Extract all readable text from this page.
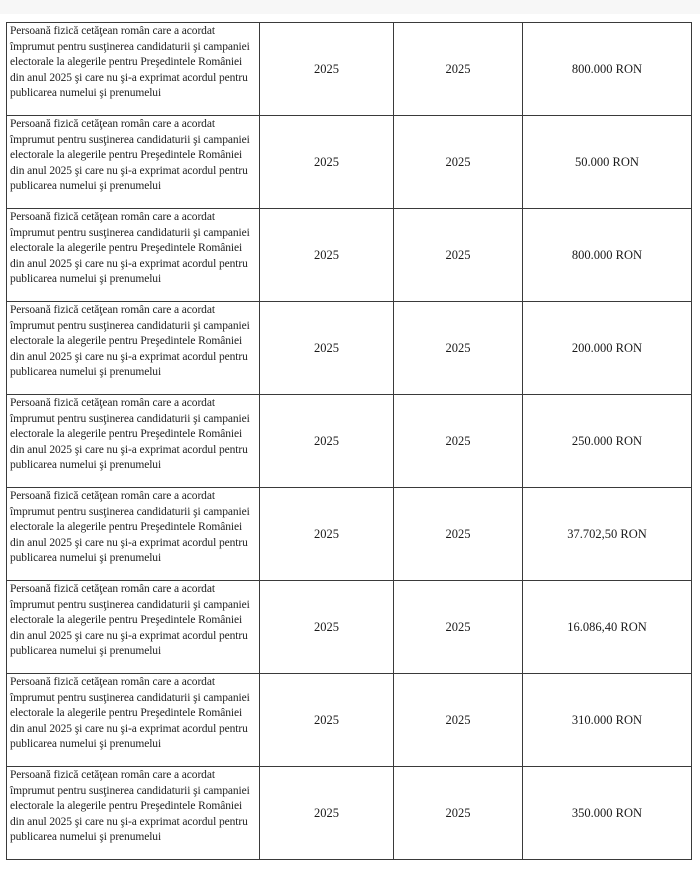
Persoană fizică cetăţean român care a acordat împrumut pentru susţinerea candidaturii şi campaniei electorale la alegerile pentru Preşedintele României din anul 2025 şi care nu şi-a exprimat acordul pentru publicarea numelui şi prenumelui	2025	2025	800.000 RON

Persoană fizică cetăţean român care a acordat împrumut pentru susţinerea candidaturii şi campaniei electorale la alegerile pentru Preşedintele României din anul 2025 şi care nu şi-a exprimat acordul pentru publicarea numelui şi prenumelui	2025	2025	50.000 RON

Persoană fizică cetăţean român care a acordat împrumut pentru susţinerea candidaturii şi campaniei electorale la alegerile pentru Preşedintele României din anul 2025 şi care nu şi-a exprimat acordul pentru publicarea numelui şi prenumelui	2025	2025	800.000 RON

Persoană fizică cetăţean român care a acordat împrumut pentru susţinerea candidaturii şi campaniei electorale la alegerile pentru Preşedintele României din anul 2025 şi care nu şi-a exprimat acordul pentru publicarea numelui şi prenumelui	2025	2025	200.000 RON

Persoană fizică cetăţean român care a acordat împrumut pentru susţinerea candidaturii şi campaniei electorale la alegerile pentru Preşedintele României din anul 2025 şi care nu şi-a exprimat acordul pentru publicarea numelui şi prenumelui	2025	2025	250.000 RON

Persoană fizică cetăţean român care a acordat împrumut pentru susţinerea candidaturii şi campaniei electorale la alegerile pentru Preşedintele României din anul 2025 şi care nu şi-a exprimat acordul pentru publicarea numelui şi prenumelui	2025	2025	37.702,50 RON

Persoană fizică cetăţean român care a acordat împrumut pentru susţinerea candidaturii şi campaniei electorale la alegerile pentru Preşedintele României din anul 2025 şi care nu şi-a exprimat acordul pentru publicarea numelui şi prenumelui	2025	2025	16.086,40 RON

Persoană fizică cetăţean român care a acordat împrumut pentru susţinerea candidaturii şi campaniei electorale la alegerile pentru Preşedintele României din anul 2025 şi care nu şi-a exprimat acordul pentru publicarea numelui şi prenumelui	2025	2025	310.000 RON

Persoană fizică cetăţean român care a acordat împrumut pentru susţinerea candidaturii şi campaniei electorale la alegerile pentru Preşedintele României din anul 2025 şi care nu şi-a exprimat acordul pentru publicarea numelui şi prenumelui	2025	2025	350.000 RON
